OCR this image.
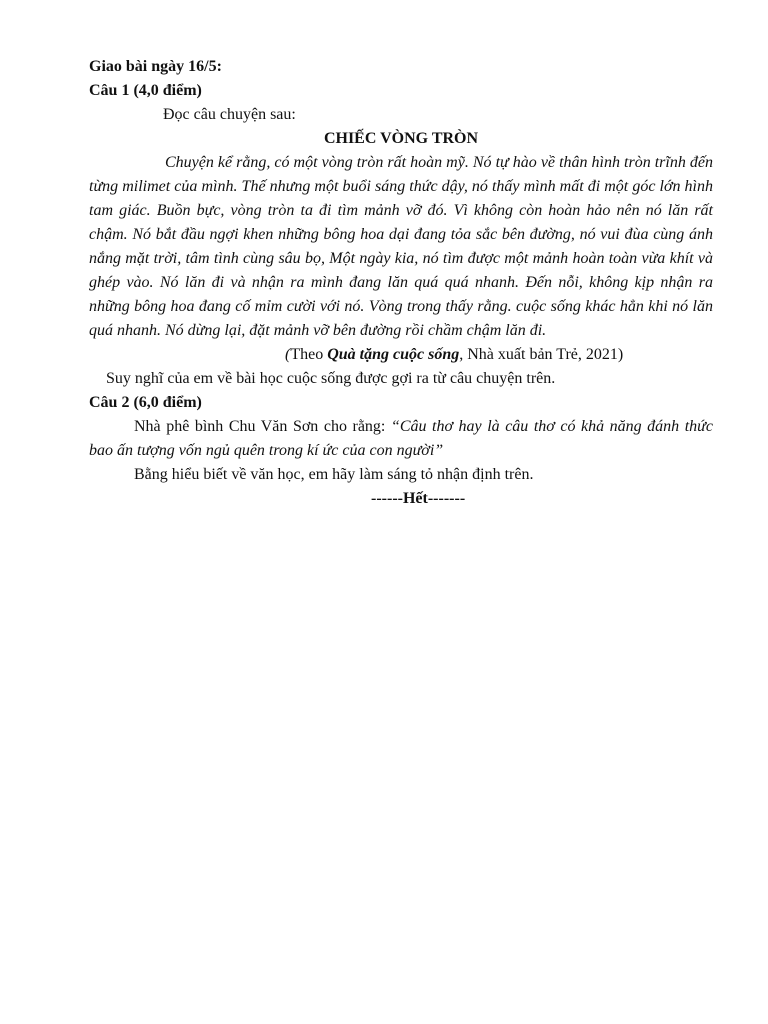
Giao bài ngày 16/5:
Câu 1 (4,0 điểm)
Đọc câu chuyện sau:
CHIẾC VÒNG TRÒN

Chuyện kể rằng, có một vòng tròn rất hoàn mỹ. Nó tự hào về thân hình tròn trĩnh đến từng milimet của mình. Thế nhưng một buổi sáng thức dậy, nó thấy mình mất đi một góc lớn hình tam giác. Buồn bực, vòng tròn ta đi tìm mảnh vỡ đó. Vì không còn hoàn hảo nên nó lăn rất chậm. Nó bắt đầu ngợi khen những bông hoa dại đang tỏa sắc bên đường, nó vui đùa cùng ánh nắng mặt trời, tâm tình cùng sâu bọ, Một ngày kia, nó tìm được một mảnh hoàn toàn vừa khít và ghép vào. Nó lăn đi và nhận ra mình đang lăn quá quá nhanh. Đến nỗi, không kịp nhận ra những bông hoa đang cố mỉm cười với nó. Vòng trong thấy rằng. cuộc sống khác hẳn khi nó lăn quá nhanh. Nó dừng lại, đặt mảnh vỡ bên đường rồi chầm chậm lăn đi.

(Theo Quà tặng cuộc sống, Nhà xuất bản Trẻ, 2021)
Suy nghĩ của em về bài học cuộc sống được gợi ra từ câu chuyện trên.
Câu 2 (6,0 điểm)

Nhà phê bình Chu Văn Sơn cho rằng: “Câu thơ hay là câu thơ có khả năng đánh thức bao ấn tượng vốn ngủ quên trong kí ức của con người”

Bằng hiểu biết về văn học, em hãy làm sáng tỏ nhận định trên.

------Hết-------
